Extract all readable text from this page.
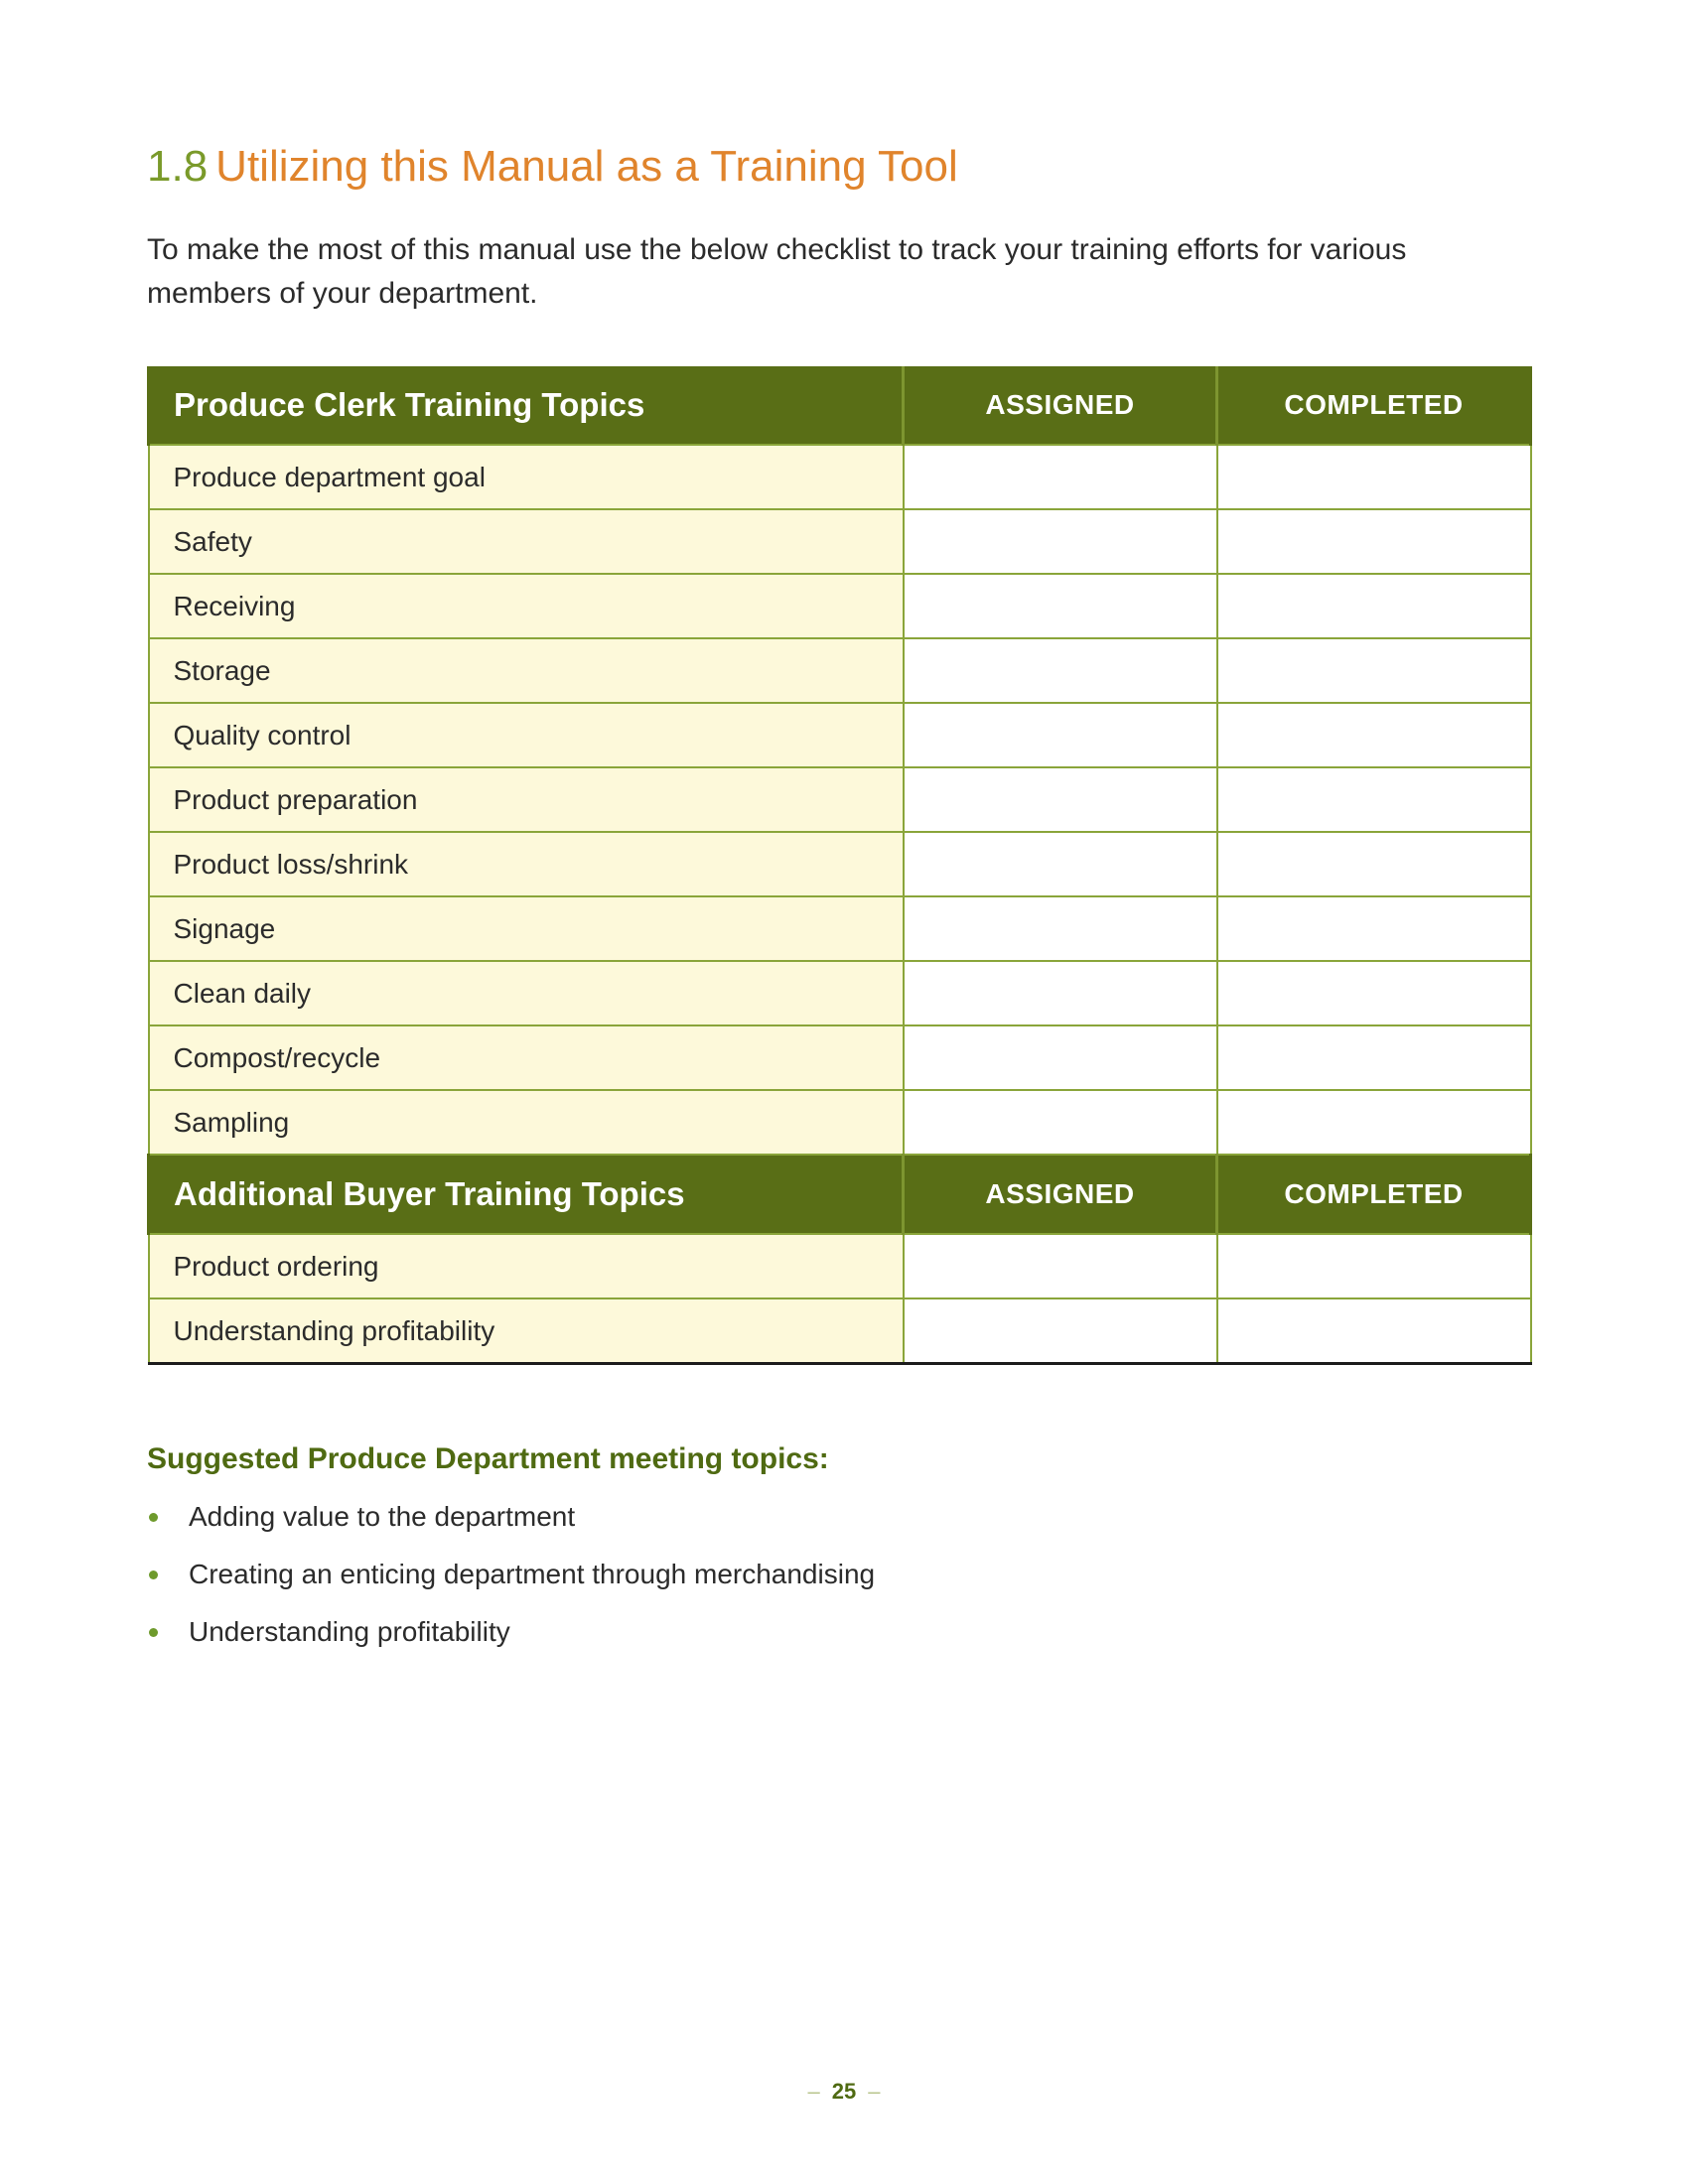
1.8 Utilizing this Manual as a Training Tool
To make the most of this manual use the below checklist to track your training efforts for various members of your department.
Produce Clerk Training Topics	ASSIGNED	COMPLETED
Produce department goal		
Safety		
Receiving		
Storage		
Quality control		
Product preparation		
Product loss/shrink		
Signage		
Clean daily		
Compost/recycle		
Sampling		
Additional Buyer Training Topics	ASSIGNED	COMPLETED
Product ordering		
Understanding profitability		
Suggested Produce Department meeting topics:
Adding value to the department
Creating an enticing department through merchandising
Understanding profitability
– 25 –
